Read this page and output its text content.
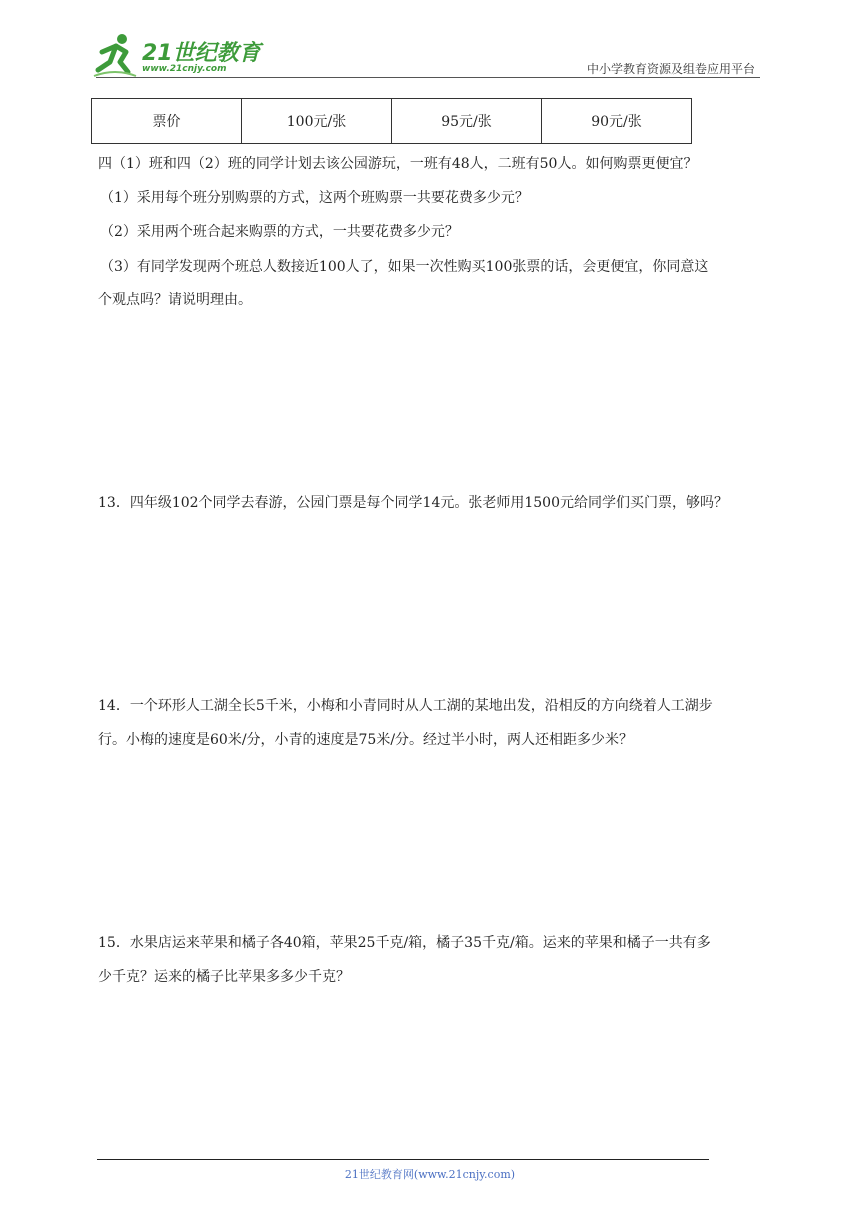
21世纪教育
www.21cnjy.com	中小学教育资源及组卷应用平台
票价	100元/张	95元/张	90元/张
四（1）班和四（2）班的同学计划去该公园游玩，一班有48人，二班有50人。如何购票更便宜？
（1）采用每个班分别购票的方式，这两个班购票一共要花费多少元？
（2）采用两个班合起来购票的方式，一共要花费多少元？
（3）有同学发现两个班总人数接近100人了，如果一次性购买100张票的话，会更便宜，你同意这
个观点吗？请说明理由。
13．四年级102个同学去春游，公园门票是每个同学14元。张老师用1500元给同学们买门票，够吗？
14．一个环形人工湖全长5千米，小梅和小青同时从人工湖的某地出发，沿相反的方向绕着人工湖步
行。小梅的速度是60米/分，小青的速度是75米/分。经过半小时，两人还相距多少米？
15．水果店运来苹果和橘子各40箱，苹果25千克/箱，橘子35千克/箱。运来的苹果和橘子一共有多
少千克？运来的橘子比苹果多多少千克？
21世纪教育网(www.21cnjy.com)
